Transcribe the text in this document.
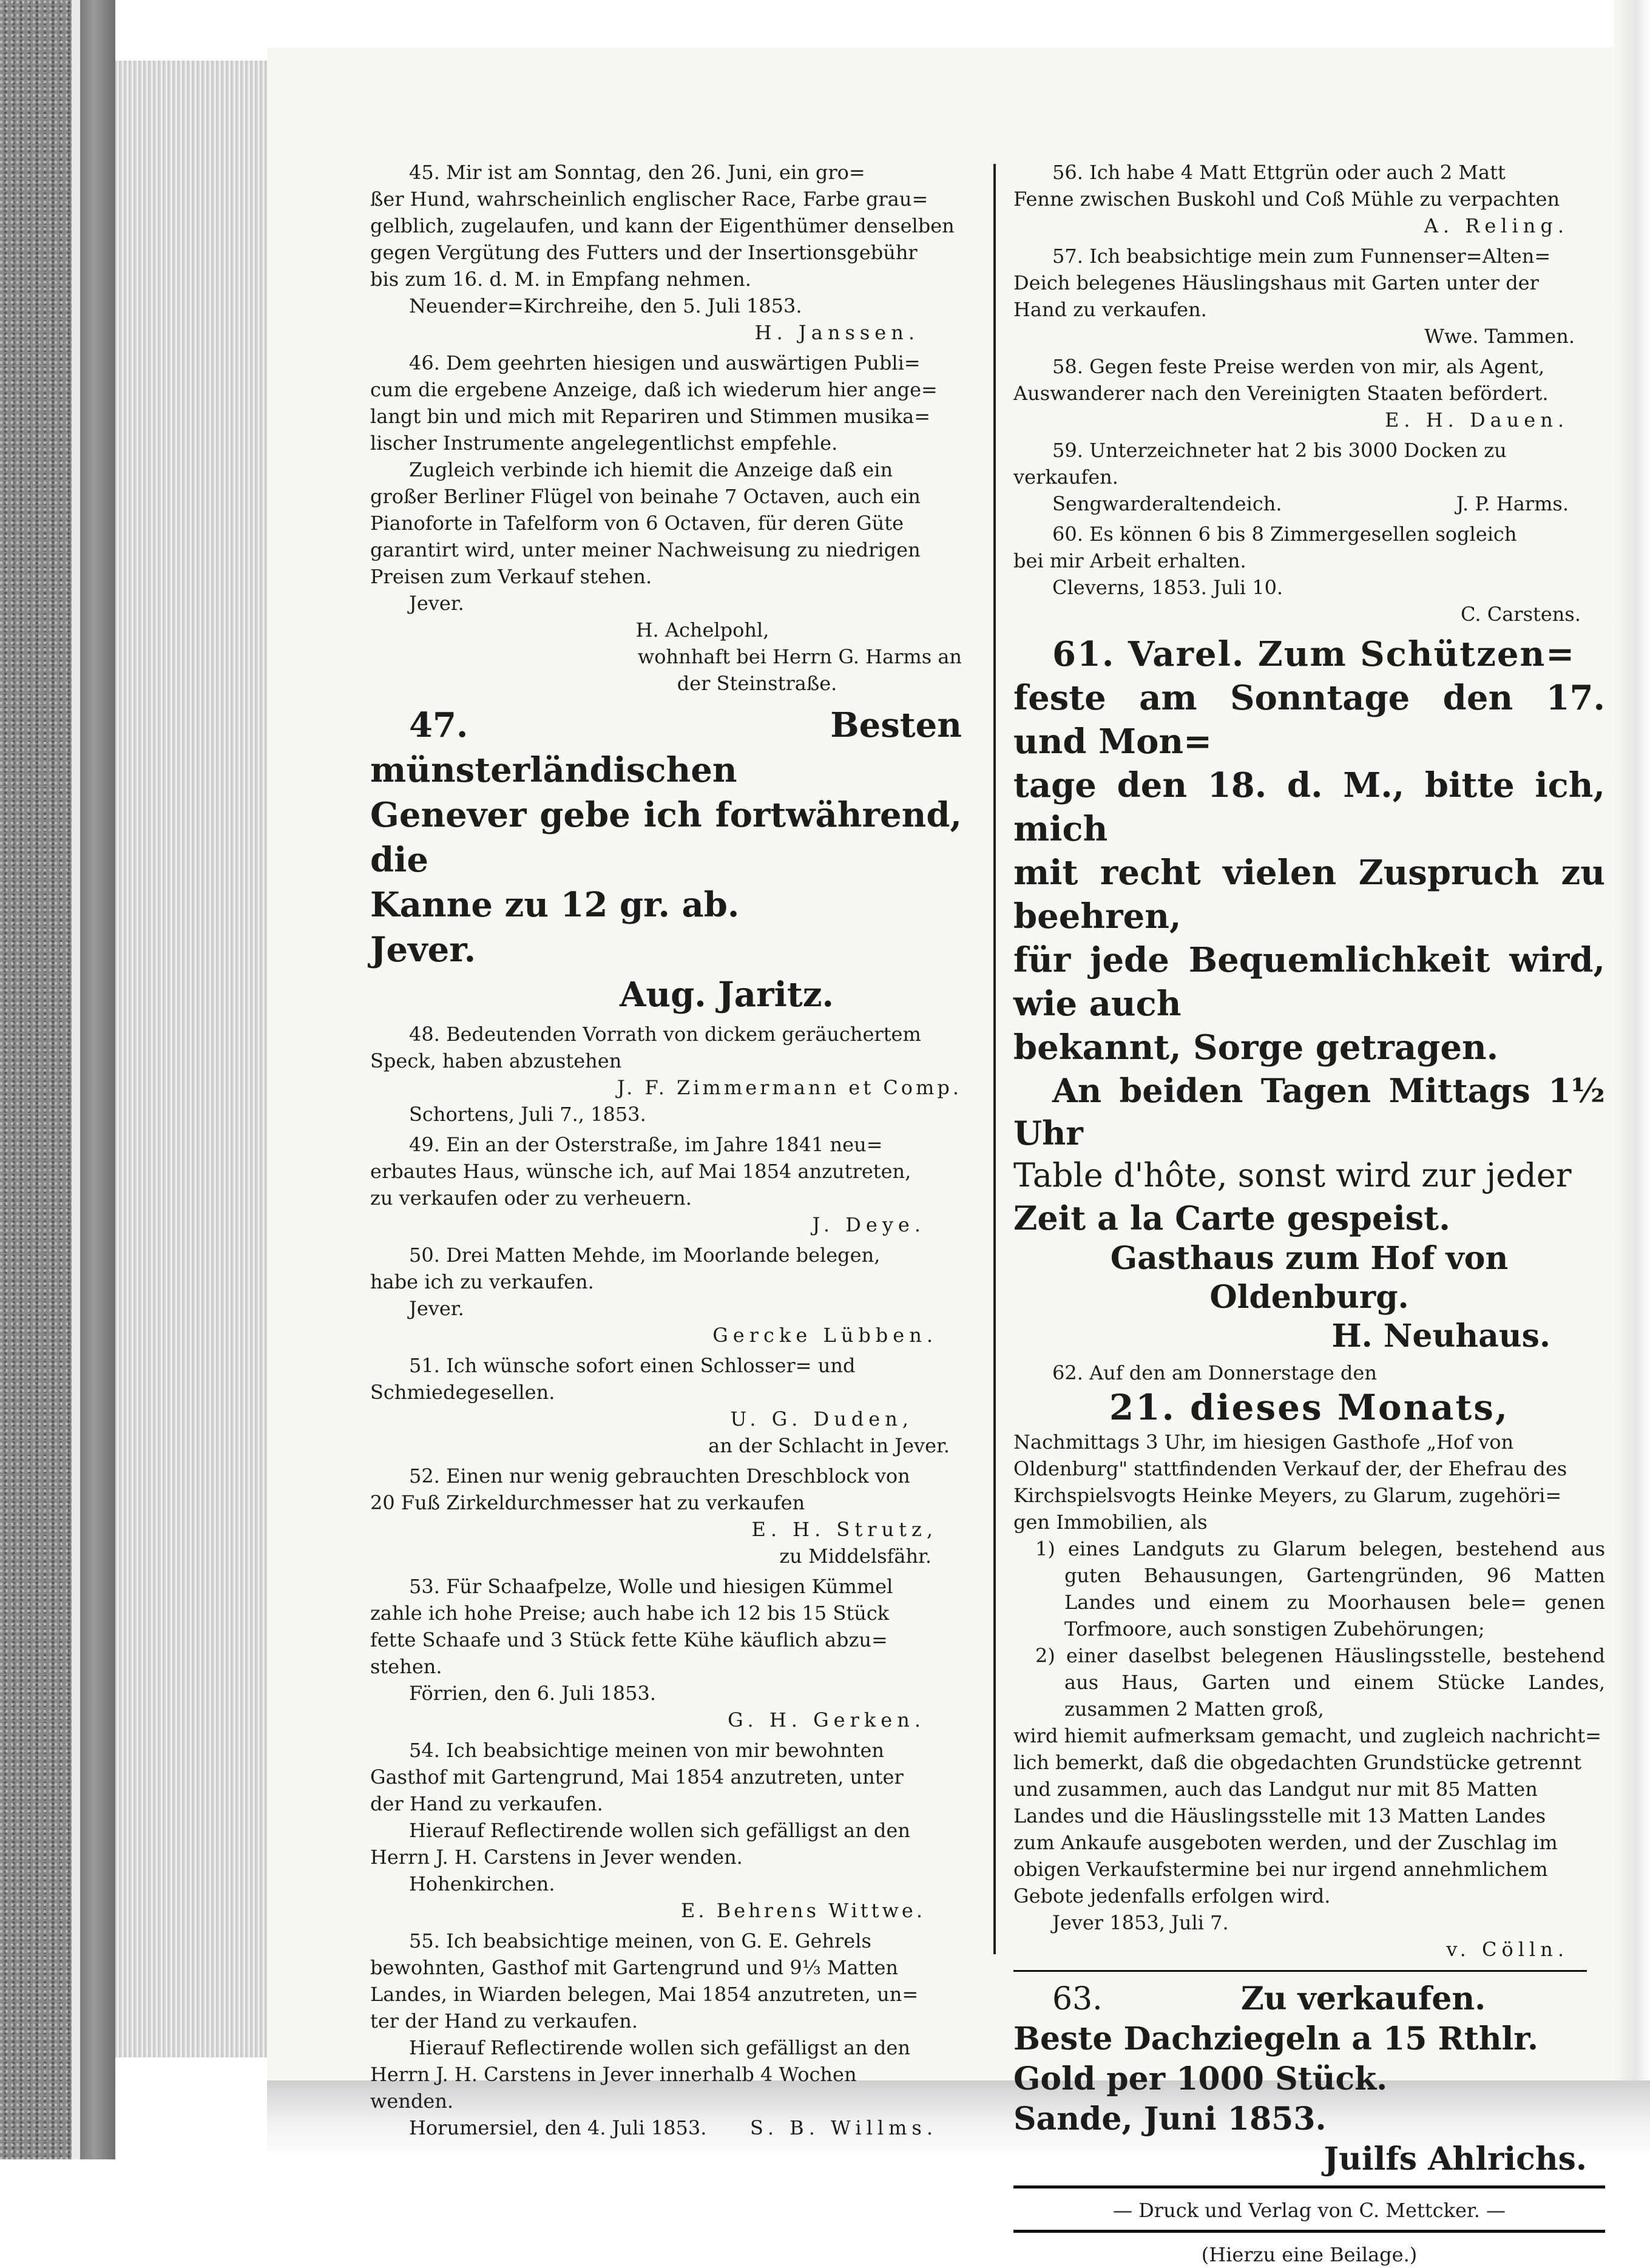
45. Mir ist am Sonntag, den 26. Juni, ein gro=

ßer Hund, wahrscheinlich englischer Race, Farbe grau=

gelblich, zugelaufen, und kann der Eigenthümer denselben

gegen Vergütung des Futters und der Insertionsgebühr

bis zum 16. d. M. in Empfang nehmen.

Neuender=Kirchreihe, den 5. Juli 1853.

H. Janssen.

46. Dem geehrten hiesigen und auswärtigen Publi=

cum die ergebene Anzeige, daß ich wiederum hier ange=

langt bin und mich mit Repariren und Stimmen musika=

lischer Instrumente angelegentlichst empfehle.

Zugleich verbinde ich hiemit die Anzeige daß ein

großer Berliner Flügel von beinahe 7 Octaven, auch ein

Pianoforte in Tafelform von 6 Octaven, für deren Güte

garantirt wird, unter meiner Nachweisung zu niedrigen

Preisen zum Verkauf stehen.

Jever.

H. Achelpohl,

wohnhaft bei Herrn G. Harms an

der Steinstraße.

47. Besten münsterländischen

Genever gebe ich fortwährend, die

Kanne zu 12 gr. ab.

Jever.

Aug. Jaritz.

48. Bedeutenden Vorrath von dickem geräuchertem

Speck, haben abzustehen

J. F. Zimmermann et Comp.

Schortens, Juli 7., 1853.

49. Ein an der Osterstraße, im Jahre 1841 neu=

erbautes Haus, wünsche ich, auf Mai 1854 anzutreten,

zu verkaufen oder zu verheuern.

J. Deye.

50. Drei Matten Mehde, im Moorlande belegen,

habe ich zu verkaufen.

Jever.

Gercke Lübben.

51. Ich wünsche sofort einen Schlosser= und

Schmiedegesellen.

U. G. Duden,

an der Schlacht in Jever.

52. Einen nur wenig gebrauchten Dreschblock von

20 Fuß Zirkeldurchmesser hat zu verkaufen

E. H. Strutz,

zu Middelsfähr.

53. Für Schaafpelze, Wolle und hiesigen Kümmel

zahle ich hohe Preise; auch habe ich 12 bis 15 Stück

fette Schaafe und 3 Stück fette Kühe käuflich abzu=

stehen.

Förrien, den 6. Juli 1853.

G. H. Gerken.

54. Ich beabsichtige meinen von mir bewohnten

Gasthof mit Gartengrund, Mai 1854 anzutreten, unter

der Hand zu verkaufen.

Hierauf Reflectirende wollen sich gefälligst an den

Herrn J. H. Carstens in Jever wenden.

Hohenkirchen.

E. Behrens Wittwe.

55. Ich beabsichtige meinen, von G. E. Gehrels

bewohnten, Gasthof mit Gartengrund und 9⅓ Matten

Landes, in Wiarden belegen, Mai 1854 anzutreten, un=

ter der Hand zu verkaufen.

Hierauf Reflectirende wollen sich gefälligst an den

Herrn J. H. Carstens in Jever innerhalb 4 Wochen

wenden.

Horumersiel, den 4. Juli 1853.	S. B. Willms.

56. Ich habe 4 Matt Ettgrün oder auch 2 Matt

Fenne zwischen Buskohl und Coß Mühle zu verpachten

A. Reling.

57. Ich beabsichtige mein zum Funnenser=Alten=

Deich belegenes Häuslingshaus mit Garten unter der

Hand zu verkaufen.

Wwe. Tammen.

58. Gegen feste Preise werden von mir, als Agent,

Auswanderer nach den Vereinigten Staaten befördert.

E. H. Dauen.

59. Unterzeichneter hat 2 bis 3000 Docken zu

verkaufen.

Sengwarderaltendeich.	J. P. Harms.

60. Es können 6 bis 8 Zimmergesellen sogleich

bei mir Arbeit erhalten.

Cleverns, 1853. Juli 10.

C. Carstens.

61. Varel. Zum Schützen=

feste am Sonntage den 17. und Mon=

tage den 18. d. M., bitte ich, mich

mit recht vielen Zuspruch zu beehren,

für jede Bequemlichkeit wird, wie auch

bekannt, Sorge getragen.

An beiden Tagen Mittags 1½ Uhr

Table d'hôte, sonst wird zur jeder

Zeit a la Carte gespeist.

Gasthaus zum Hof von Oldenburg.

H. Neuhaus.

62. Auf den am Donnerstage den

21. dieses Monats,

Nachmittags 3 Uhr, im hiesigen Gasthofe „Hof von

Oldenburg" stattfindenden Verkauf der, der Ehefrau des

Kirchspielsvogts Heinke Meyers, zu Glarum, zugehöri=

gen Immobilien, als

1) eines Landguts zu Glarum belegen, bestehend aus guten Behausungen, Gartengründen, 96 Matten Landes und einem zu Moorhausen bele= genen Torfmoore, auch sonstigen Zubehörungen;

2) einer daselbst belegenen Häuslingsstelle, bestehend aus Haus, Garten und einem Stücke Landes, zusammen 2 Matten groß,

wird hiemit aufmerksam gemacht, und zugleich nachricht=

lich bemerkt, daß die obgedachten Grundstücke getrennt

und zusammen, auch das Landgut nur mit 85 Matten

Landes und die Häuslingsstelle mit 13 Matten Landes

zum Ankaufe ausgeboten werden, und der Zuschlag im

obigen Verkaufstermine bei nur irgend annehmlichem

Gebote jedenfalls erfolgen wird.

Jever 1853, Juli 7.

v. Cölln.

63.	Zu verkaufen.

Beste Dachziegeln a 15 Rthlr.

Gold per 1000 Stück.

Sande, Juni 1853.

Juilfs Ahlrichs.

— Druck und Verlag von C. Mettcker. —

(Hierzu eine Beilage.)
